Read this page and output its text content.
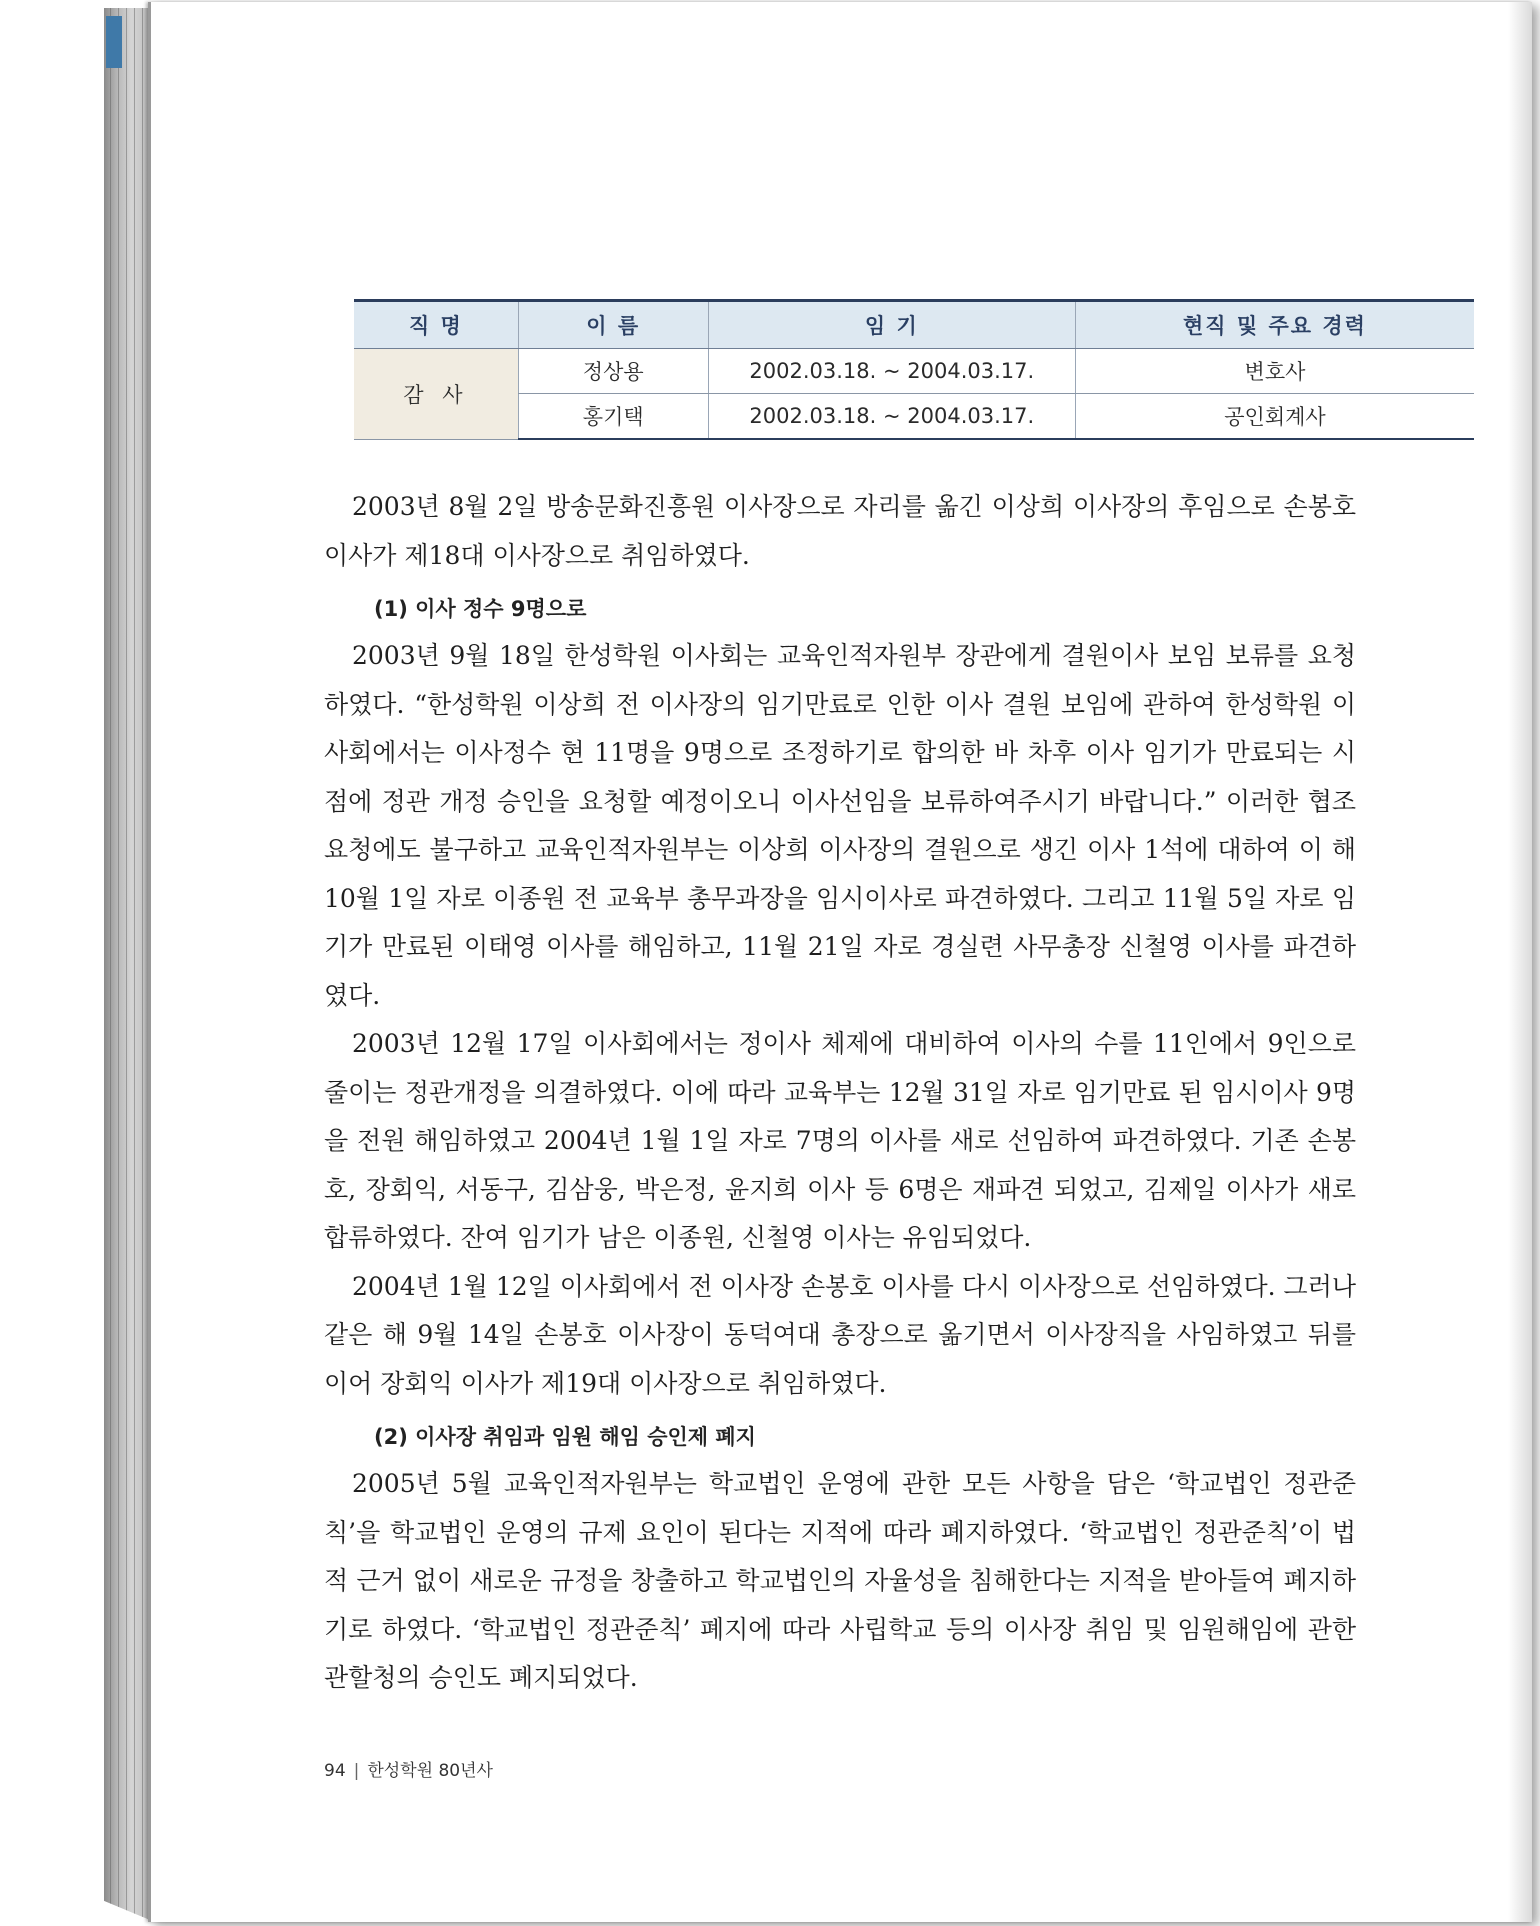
직 명	이 름	임 기	현직 및 주요 경력
감 사	정상용	2002.03.18. ~ 2004.03.17.	변호사
	홍기택	2002.03.18. ~ 2004.03.17.	공인회계사

2003년 8월 2일 방송문화진흥원 이사장으로 자리를 옮긴 이상희 이사장의 후임으로 손봉호 이사가 제18대 이사장으로 취임하였다.

(1) 이사 정수 9명으로

2003년 9월 18일 한성학원 이사회는 교육인적자원부 장관에게 결원이사 보임 보류를 요청하였다. “한성학원 이상희 전 이사장의 임기만료로 인한 이사 결원 보임에 관하여 한성학원 이사회에서는 이사정수 현 11명을 9명으로 조정하기로 합의한 바 차후 이사 임기가 만료되는 시점에 정관 개정 승인을 요청할 예정이오니 이사선임을 보류하여주시기 바랍니다.” 이러한 협조 요청에도 불구하고 교육인적자원부는 이상희 이사장의 결원으로 생긴 이사 1석에 대하여 이 해 10월 1일 자로 이종원 전 교육부 총무과장을 임시이사로 파견하였다. 그리고 11월 5일 자로 임기가 만료된 이태영 이사를 해임하고, 11월 21일 자로 경실련 사무총장 신철영 이사를 파견하였다.

2003년 12월 17일 이사회에서는 정이사 체제에 대비하여 이사의 수를 11인에서 9인으로 줄이는 정관개정을 의결하였다. 이에 따라 교육부는 12월 31일 자로 임기만료 된 임시이사 9명을 전원 해임하였고 2004년 1월 1일 자로 7명의 이사를 새로 선임하여 파견하였다. 기존 손봉호, 장회익, 서동구, 김삼웅, 박은정, 윤지희 이사 등 6명은 재파견 되었고, 김제일 이사가 새로 합류하였다. 잔여 임기가 남은 이종원, 신철영 이사는 유임되었다.

2004년 1월 12일 이사회에서 전 이사장 손봉호 이사를 다시 이사장으로 선임하였다. 그러나 같은 해 9월 14일 손봉호 이사장이 동덕여대 총장으로 옮기면서 이사장직을 사임하였고 뒤를 이어 장회익 이사가 제19대 이사장으로 취임하였다.

(2) 이사장 취임과 임원 해임 승인제 폐지

2005년 5월 교육인적자원부는 학교법인 운영에 관한 모든 사항을 담은 ‘학교법인 정관준칙’을 학교법인 운영의 규제 요인이 된다는 지적에 따라 폐지하였다. ‘학교법인 정관준칙’이 법적 근거 없이 새로운 규정을 창출하고 학교법인의 자율성을 침해한다는 지적을 받아들여 폐지하기로 하였다. ‘학교법인 정관준칙’ 폐지에 따라 사립학교 등의 이사장 취임 및 임원해임에 관한 관할청의 승인도 폐지되었다.

94 | 한성학원 80년사
